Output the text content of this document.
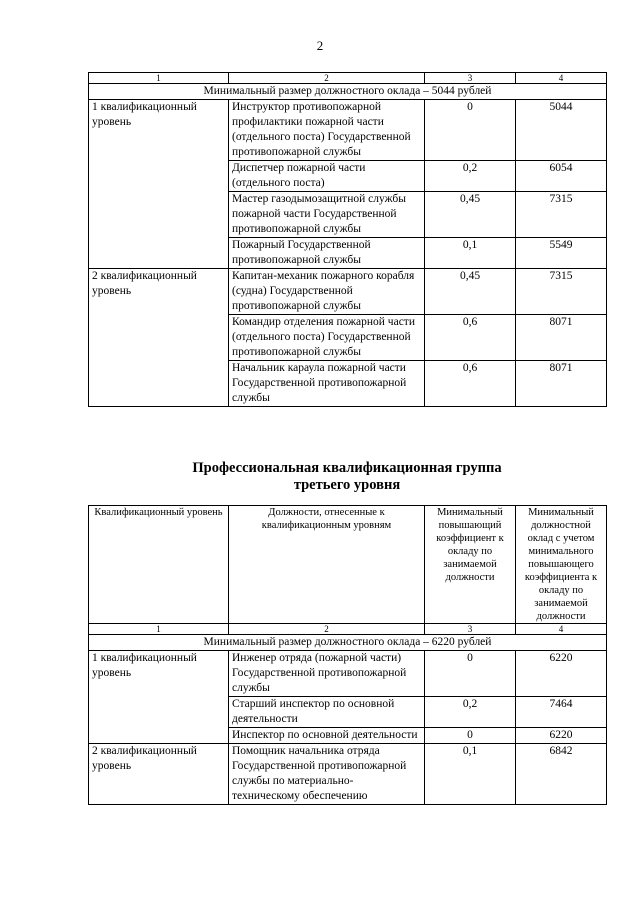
2
1	2	3	4
Минимальный размер должностного оклада – 5044 рублей			
1 квалификационный уровень	Инструктор противопожарной профилактики пожарной части (отдельного поста) Государственной противопожарной службы	0	5044
	Диспетчер пожарной части (отдельного поста)	0,2	6054
	Мастер газодымозащитной службы пожарной части Государственной противопожарной службы	0,45	7315
	Пожарный Государственной противопожарной службы	0,1	5549
2 квалификационный уровень	Капитан-механик пожарного корабля (судна) Государственной противопожарной службы	0,45	7315
	Командир отделения пожарной части (отдельного поста) Государственной противопожарной службы	0,6	8071
	Начальник караула пожарной части Государственной противопожарной службы	0,6	8071
Профессиональная квалификационная группа
третьего уровня
Квалификационный уровень	Должности, отнесенные к квалификационным уровням	Минимальный повышающий коэффициент к окладу по занимаемой должности	Минимальный должностной оклад с учетом минимального повышающего коэффициента к окладу по занимаемой должности
1	2	3	4
Минимальный размер должностного оклада – 6220 рублей			
1 квалификационный уровень	Инженер отряда (пожарной части) Государственной противопожарной службы	0	6220
	Старший инспектор по основной деятельности	0,2	7464
	Инспектор по основной деятельности	0	6220
2 квалификационный уровень	Помощник начальника отряда Государственной противопожарной службы по материально-техническому обеспечению	0,1	6842
